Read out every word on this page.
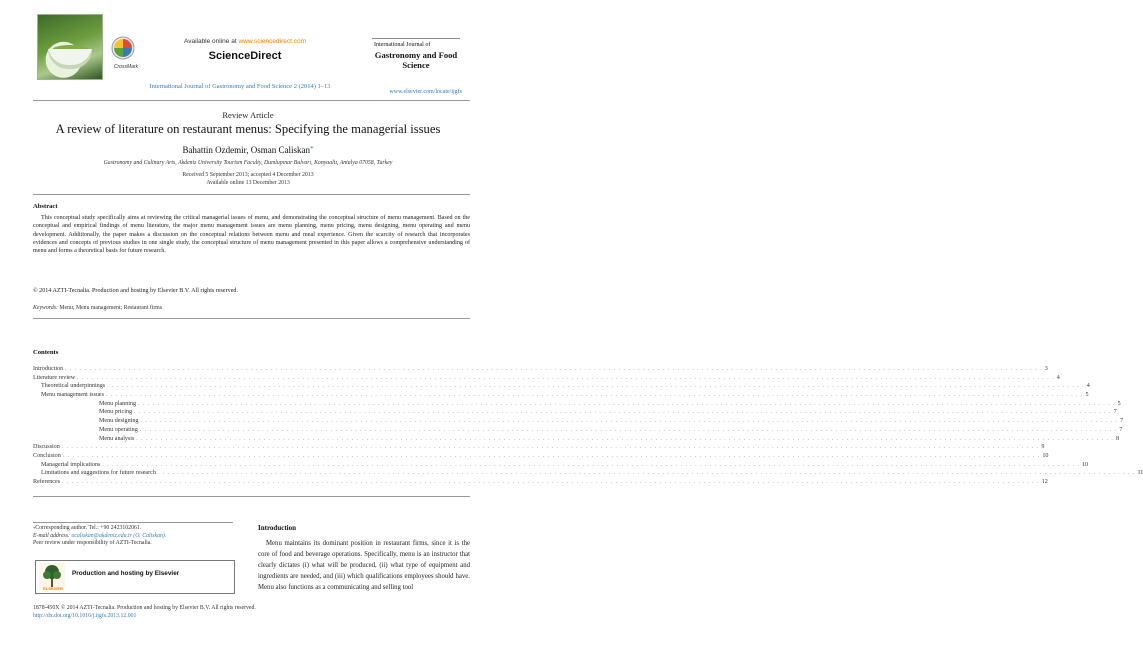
CrossMark
Available online at www.sciencedirect.com
ScienceDirect
International Journal of Gastronomy and Food Science 2 (2014) 1–13
International Journal of
Gastronomy and Food Science
www.elsevier.com/locate/ijgfs
Review Article
A review of literature on restaurant menus: Specifying the managerial issues
Bahattin Ozdemir, Osman Caliskan*
Gastronomy and Culinary Arts, Akdeniz University Tourism Faculty, Dumlupınar Bulvarı, Konyaaltı, Antalya 07058, Turkey
Received 5 September 2013; accepted 4 December 2013
Available online 13 December 2013
Abstract
This conceptual study specifically aims at reviewing the critical managerial issues of menu, and demonstrating the conceptual structure of menu management. Based on the conceptual and empirical findings of menu literature, the major menu management issues are menu planning, menu pricing, menu designing, menu operating and menu development. Additionally, the paper makes a discussion on the conceptual relations between menu and meal experience. Given the scarcity of research that incorporates evidences and concepts of previous studies in one single study, the conceptual structure of menu management presented in this paper allows a comprehensive understanding of menu and forms a theoretical basis for future research.
© 2014 AZTI-Tecnalia. Production and hosting by Elsevier B.V. All rights reserved.
Keywords: Menu; Menu management; Restaurant firms
Contents
Introduction . . . . . . . . . . . . . . . . . . . . . . . . . . . . . . . . . . . . . . . . . . . . . . . . . . . . . . . . . . . . . . . . . . . . . . . . . . . . . . . . . . . . . . . . . . . . . . . . . . . . . . . . . . . . . . . . . . . . . . . . . . . . . . . . . . . . . . . . . . . . . . . . . . . . . . . . . . . . . . . . . . . . . . . . . . . . . . . . . . . . . . . . . . . . . . . . . . . . . . . . 3
Literature review . . . . . . . . . . . . . . . . . . . . . . . . . . . . . . . . . . . . . . . . . . . . . . . . . . . . . . . . . . . . . . . . . . . . . . . . . . . . . . . . . . . . . . . . . . . . . . . . . . . . . . . . . . . . . . . . . . . . . . . . . . . . . . . . . . . . . . . . . . . . . . . . . . . . . . . . . . . . . . . . . . . . . . . . . . . . . . . . . . . . . . . . . . . . . . . . . . . . . . . . 4
Theoretical underpinnings . . . . . . . . . . . . . . . . . . . . . . . . . . . . . . . . . . . . . . . . . . . . . . . . . . . . . . . . . . . . . . . . . . . . . . . . . . . . . . . . . . . . . . . . . . . . . . . . . . . . . . . . . . . . . . . . . . . . . . . . . . . . . . . . . . . . . . . . . . . . . . . . . . . . . . . . . . . . . . . . . . . . . . . . . . . . . . . . . . . . . . . . . . . . . . . . . . . . . . . . 4
Menu management issues . . . . . . . . . . . . . . . . . . . . . . . . . . . . . . . . . . . . . . . . . . . . . . . . . . . . . . . . . . . . . . . . . . . . . . . . . . . . . . . . . . . . . . . . . . . . . . . . . . . . . . . . . . . . . . . . . . . . . . . . . . . . . . . . . . . . . . . . . . . . . . . . . . . . . . . . . . . . . . . . . . . . . . . . . . . . . . . . . . . . . . . . . . . . . . . . . . . . . . . . 5
Menu planning . . . . . . . . . . . . . . . . . . . . . . . . . . . . . . . . . . . . . . . . . . . . . . . . . . . . . . . . . . . . . . . . . . . . . . . . . . . . . . . . . . . . . . . . . . . . . . . . . . . . . . . . . . . . . . . . . . . . . . . . . . . . . . . . . . . . . . . . . . . . . . . . . . . . . . . . . . . . . . . . . . . . . . . . . . . . . . . . . . . . . . . . . . . . . . . . . . . . . . . . 5
Menu pricing . . . . . . . . . . . . . . . . . . . . . . . . . . . . . . . . . . . . . . . . . . . . . . . . . . . . . . . . . . . . . . . . . . . . . . . . . . . . . . . . . . . . . . . . . . . . . . . . . . . . . . . . . . . . . . . . . . . . . . . . . . . . . . . . . . . . . . . . . . . . . . . . . . . . . . . . . . . . . . . . . . . . . . . . . . . . . . . . . . . . . . . . . . . . . . . . . . . . . . . . 7
Menu designing . . . . . . . . . . . . . . . . . . . . . . . . . . . . . . . . . . . . . . . . . . . . . . . . . . . . . . . . . . . . . . . . . . . . . . . . . . . . . . . . . . . . . . . . . . . . . . . . . . . . . . . . . . . . . . . . . . . . . . . . . . . . . . . . . . . . . . . . . . . . . . . . . . . . . . . . . . . . . . . . . . . . . . . . . . . . . . . . . . . . . . . . . . . . . . . . . . . . . . . . 7
Menu operating . . . . . . . . . . . . . . . . . . . . . . . . . . . . . . . . . . . . . . . . . . . . . . . . . . . . . . . . . . . . . . . . . . . . . . . . . . . . . . . . . . . . . . . . . . . . . . . . . . . . . . . . . . . . . . . . . . . . . . . . . . . . . . . . . . . . . . . . . . . . . . . . . . . . . . . . . . . . . . . . . . . . . . . . . . . . . . . . . . . . . . . . . . . . . . . . . . . . . . . . 7
Menu analysis . . . . . . . . . . . . . . . . . . . . . . . . . . . . . . . . . . . . . . . . . . . . . . . . . . . . . . . . . . . . . . . . . . . . . . . . . . . . . . . . . . . . . . . . . . . . . . . . . . . . . . . . . . . . . . . . . . . . . . . . . . . . . . . . . . . . . . . . . . . . . . . . . . . . . . . . . . . . . . . . . . . . . . . . . . . . . . . . . . . . . . . . . . . . . . . . . . . . . . . . 8
Discussion . . . . . . . . . . . . . . . . . . . . . . . . . . . . . . . . . . . . . . . . . . . . . . . . . . . . . . . . . . . . . . . . . . . . . . . . . . . . . . . . . . . . . . . . . . . . . . . . . . . . . . . . . . . . . . . . . . . . . . . . . . . . . . . . . . . . . . . . . . . . . . . . . . . . . . . . . . . . . . . . . . . . . . . . . . . . . . . . . . . . . . . . . . . . . . . . . . . . . . . . 9
Conclusion . . . . . . . . . . . . . . . . . . . . . . . . . . . . . . . . . . . . . . . . . . . . . . . . . . . . . . . . . . . . . . . . . . . . . . . . . . . . . . . . . . . . . . . . . . . . . . . . . . . . . . . . . . . . . . . . . . . . . . . . . . . . . . . . . . . . . . . . . . . . . . . . . . . . . . . . . . . . . . . . . . . . . . . . . . . . . . . . . . . . . . . . . . . . . . . . . . . . . . . . 10
Managerial implications . . . . . . . . . . . . . . . . . . . . . . . . . . . . . . . . . . . . . . . . . . . . . . . . . . . . . . . . . . . . . . . . . . . . . . . . . . . . . . . . . . . . . . . . . . . . . . . . . . . . . . . . . . . . . . . . . . . . . . . . . . . . . . . . . . . . . . . . . . . . . . . . . . . . . . . . . . . . . . . . . . . . . . . . . . . . . . . . . . . . . . . . . . . . . . . . . . . . . . . . 10
Limitations and suggestions for future research . . . . . . . . . . . . . . . . . . . . . . . . . . . . . . . . . . . . . . . . . . . . . . . . . . . . . . . . . . . . . . . . . . . . . . . . . . . . . . . . . . . . . . . . . . . . . . . . . . . . . . . . . . . . . . . . . . . . . . . . . . . . . . . . . . . . . . . . . . . . . . . . . . . . . . . . . . . . . . . . . . . . . . . . . . . . . . . . . . . . . . . . . . . . . . . . . . . . . . . . 11
References . . . . . . . . . . . . . . . . . . . . . . . . . . . . . . . . . . . . . . . . . . . . . . . . . . . . . . . . . . . . . . . . . . . . . . . . . . . . . . . . . . . . . . . . . . . . . . . . . . . . . . . . . . . . . . . . . . . . . . . . . . . . . . . . . . . . . . . . . . . . . . . . . . . . . . . . . . . . . . . . . . . . . . . . . . . . . . . . . . . . . . . . . . . . . . . . . . . . . . . . 12
*Corresponding author. Tel.: +90 2423102061.
E-mail address: ocaliskan@akdeniz.edu.tr (O. Caliskan).
Peer review under responsibility of AZTI-Tecnalia.
ELSEVIER
Production and hosting by Elsevier
Introduction
Menu maintains its dominant position in restaurant firms, since it is the core of food and beverage operations. Specifically, menu is an instructor that clearly dictates (i) what will be produced, (ii) what type of equipment and ingredients are needed, and (iii) which qualifications employees should have. Menu also functions as a communicating and selling tool
1878-450X © 2014 AZTI-Tecnalia. Production and hosting by Elsevier B.V. All rights reserved.
http://dx.doi.org/10.1016/j.ijgfs.2013.12.001
